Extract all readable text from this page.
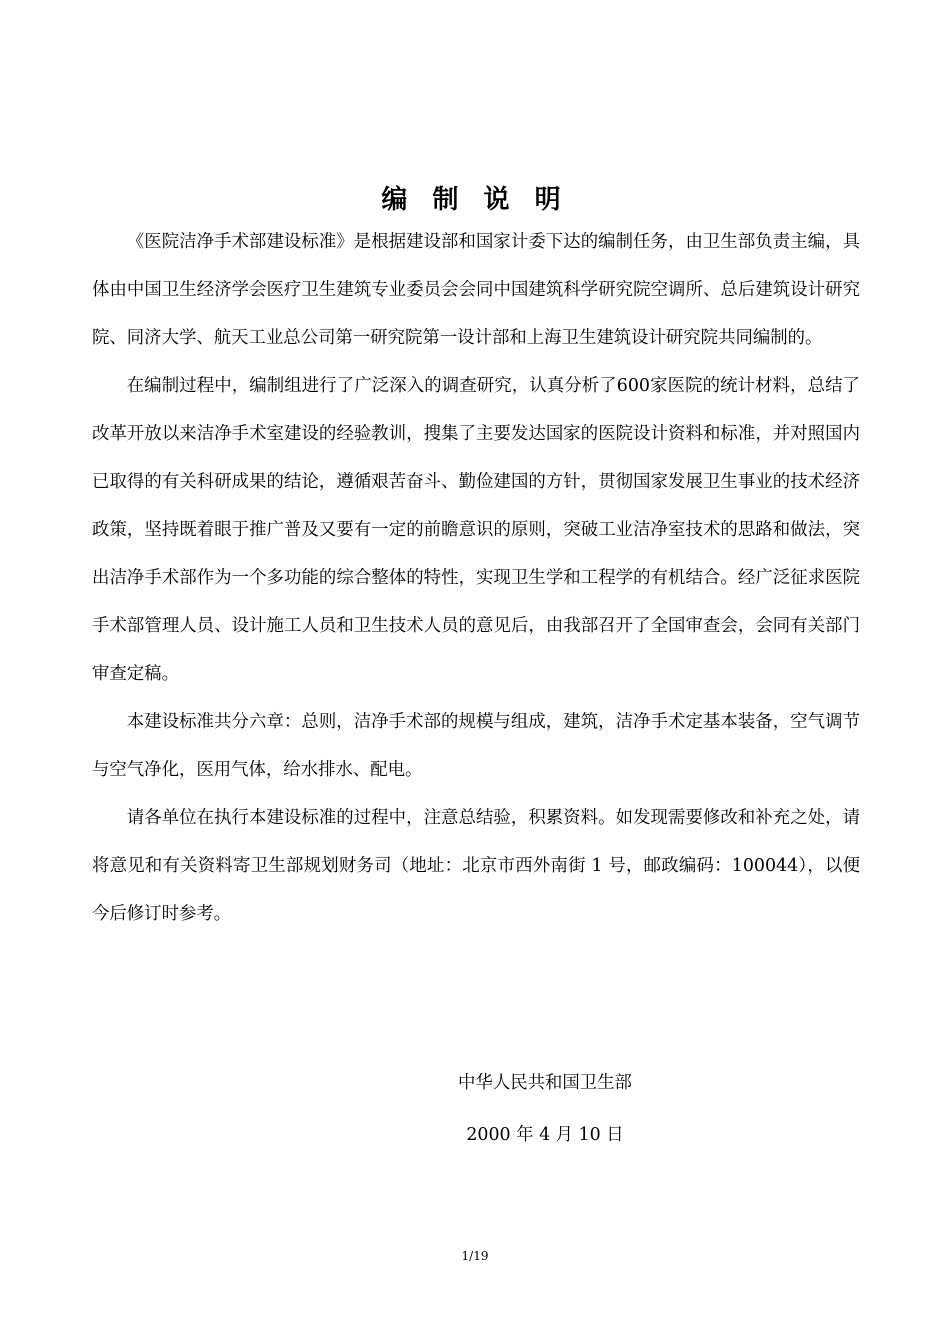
编 制 说 明

《医院洁净手术部建设标准》是根据建设部和国家计委下达的编制任务，由卫生部负责主编，具体由中国卫生经济学会医疗卫生建筑专业委员会会同中国建筑科学研究院空调所、总后建筑设计研究院、同济大学、航天工业总公司第一研究院第一设计部和上海卫生建筑设计研究院共同编制的。

在编制过程中，编制组进行了广泛深入的调查研究，认真分析了600家医院的统计材料，总结了改革开放以来洁净手术室建设的经验教训，搜集了主要发达国家的医院设计资料和标准，并对照国内已取得的有关科研成果的结论，遵循艰苦奋斗、勤俭建国的方针，贯彻国家发展卫生事业的技术经济政策，坚持既着眼于推广普及又要有一定的前瞻意识的原则，突破工业洁净室技术的思路和做法，突出洁净手术部作为一个多功能的综合整体的特性，实现卫生学和工程学的有机结合。经广泛征求医院手术部管理人员、设计施工人员和卫生技术人员的意见后，由我部召开了全国审查会，会同有关部门审查定稿。

本建设标准共分六章：总则，洁净手术部的规模与组成，建筑，洁净手术定基本装备，空气调节与空气净化，医用气体，给水排水、配电。

请各单位在执行本建设标准的过程中，注意总结验，积累资料。如发现需要修改和补充之处，请将意见和有关资料寄卫生部规划财务司（地址：北京市西外南街 1 号，邮政编码：100044），以便今后修订时参考。

中华人民共和国卫生部
2000 年 4 月 10 日
1/19
